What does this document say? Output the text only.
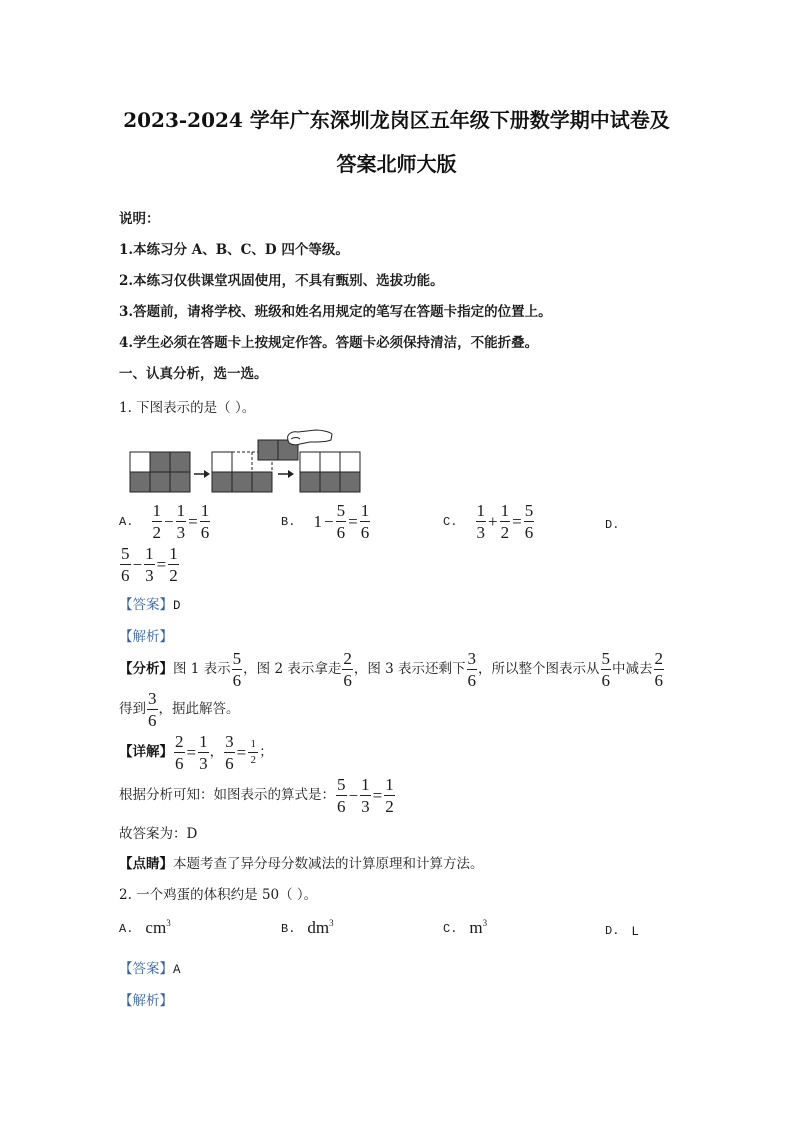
2023-2024 学年广东深圳龙岗区五年级下册数学期中试卷及
答案北师大版
说明：
1.本练习分 A、B、C、D 四个等级。
2.本练习仅供课堂巩固使用，不具有甄别、选拔功能。
3.答题前，请将学校、班级和姓名用规定的笔写在答题卡指定的位置上。
4.学生必须在答题卡上按规定作答。答题卡必须保持清洁，不能折叠。
一、认真分析，选一选。
1. 下图表示的是（ ）。
A. $\frac{1}{2} - \frac{1}{3} = \frac{1}{6}$	B. $1 - \frac{5}{6} = \frac{1}{6}$	C. $\frac{1}{3} + \frac{1}{2} = \frac{5}{6}$	D.
$\frac{5}{6} - \frac{1}{3} = \frac{1}{2}$
【答案】D
【解析】
【分析】图 1 表示 $\frac{5}{6}$ ，图 2 表示拿走 $\frac{2}{6}$ ，图 3 表示还剩下 $\frac{3}{6}$ ，所以整个图表示从 $\frac{5}{6}$ 中减去 $\frac{2}{6}$
得到 $\frac{3}{6}$ ，据此解答。
【详解】 $\frac{2}{6} = \frac{1}{3}$ ， $\frac{3}{6} = \frac{1}{2}$ ；
根据分析可知：如图表示的算式是： $\frac{5}{6} - \frac{1}{3} = \frac{1}{2}$
故答案为：D
【点睛】本题考查了异分母分数减法的计算原理和计算方法。
2. 一个鸡蛋的体积约是 50（ ）。
A. $cm^3$	B. $dm^3$	C. $m^3$
D. L
【答案】A
【解析】
